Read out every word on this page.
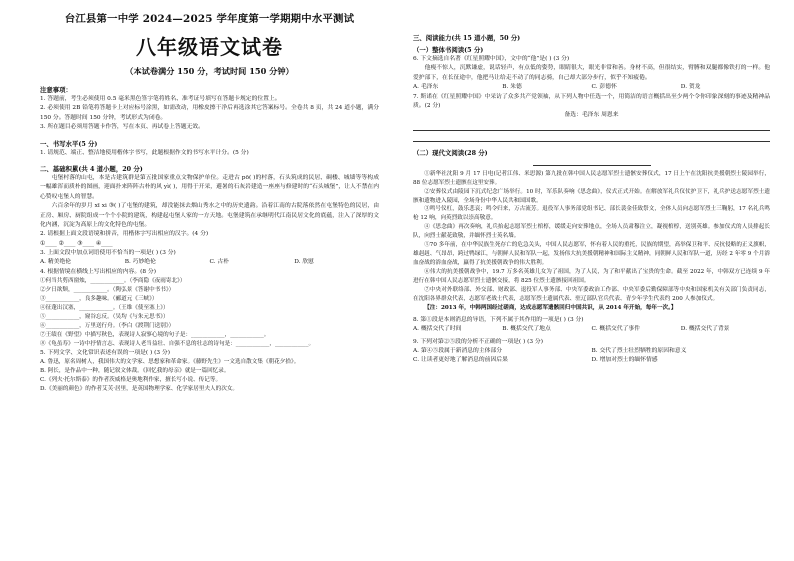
台江县第一中学 2024—2025 学年度第一学期期中水平测试
八年级语文试卷
（本试卷满分 150 分，考试时间 150 分钟）
注意事项：
1. 答题前，考生必须使用 0.5 毫米黑色签字笔将姓名、准考证号填写在答题卡规定的位置上。
2. 必须使用 2B 铅笔将答题卡上对应标号涂黑，如需改动，用橡皮擦干净后再选涂其它答案标号。全卷共 8 页，共 24 道小题，满分 150 分。答题时间 150 分钟，考试形式为闭卷。
3. 所在题目必须用答题卡作答，写在本页、再试卷上答题无效。
一、书写水平(5 分)
1. 请规范、端正、整洁地使用楷体字书写，此题根据作文的书写水平计分。(5 分)
二、基础积累(共 4 道小题，20 分)
屯堡村落的山屯，本是古建筑群是第五批国家重点文物保护单位。走进古 pō( )的村落，石头筑成的民居、碉楼、城墙等等构成一幅雄浑而质朴的图画，迎面扑来阵阵古朴的风 yì( )，用得于开采，避暑的石灰岩建造一座座与修建时的“石头城堡”，让人不禁在内心赞叹屯堡人的智慧。
六百余年的岁月 xī xi ③( )了屯堡的建筑，却没能抹去烟山秀水之中的历史遗韵。沿着江南的古院落依然在屯堡特色的民居，由正房、厢房、厨院组成一个个小院的建筑，构建起屯堡人家的一方天地。屯堡建筑在承继明代江南民居文化的底蕴，注入了深厚的文化内涵，沉淀为高原上的文化特色的屯堡。
2. 请根据上面文段语境和拼音，用楷体字写出相应的汉字。(4 分)
①____ ②____ ③____ ④____
3. 上面文段中加点词语使用不恰当的一项是( ) (3 分)
A. 精美绝伦	B. 巧妙绝伦	C. 古朴	D. 欣慰
4. 根据情境在横线上写出相应的内容。(8 分)
①何当共剪西窗烛，____________。（李商隐《夜雨寄北》）
②夕日欲颓，____________。（陶弘景《答谢中书书》）
③____________，良多趣味。（郦道元《三峡》）
④征蓬出汉塞，____________。（王维《使至塞上》）
⑤____________，窥谷忘反。（吴均《与朱元思书》）
⑥____________，万里送行舟。（李白《渡荆门送别》）
⑦王绩在《野望》中描写秋色，表现诗人寂寥心境的句子是：____________，____________。
⑧《龟虽寿》一诗中抒情言志、表现诗人老当益壮、自强不息的壮志的诗句是：____________，____________。
5. 下列文学、文化常识表述有误的一项是( ) (3 分)
A. 鲁迅，原名周树人，我国伟大的文学家、思想家和革命家。《藤野先生》一文选自散文集《朝花夕拾》。
B. 阿长，是作品中一种，随记叙文体裁。《回忆我的母亲》就是一篇回忆录。
C.《列夫·托尔斯泰》的作者茨威格是奥地利作家，擅长写小说、传记等。
D.《美丽的颜色》的作者艾芙·居里，是英国物理学家、化学家居里夫人的次女。
三、阅读能力(共 15 道小题，50 分)
（一）整体书阅读(5 分)
6. 下文摘选自名著《红星照耀中国》，文中的“他”是( ) (3 分)
他瘦不惊人，沉默谦虚，说话轻声，有点低的姿势，眼睛很大，眼光非常和善。身材不高，但很结实，臂膊和双腿都像铁打的一样。他爱护部下，在长征途中，他把马让给走不动了的同志骑，自己却大部分步行，似乎不知疲倦。
A. 毛泽东	B. 朱德	C. 彭德怀	D. 贺龙
7. 斯诺在《红星照耀中国》中采访了众多共产党领袖，从下列人物中任选一个，用简洁的语言概括出至少两个令你印象深刻的事迹及精神品质。(2 分)
备选：毛泽东 周恩来
（二）现代文阅读(28 分)
①新华社沈阳 9 月 17 日电(记者江伟、米思源) 第九批在韩中国人民志愿军烈士遗骸安葬仪式，17 日上午在沈阳抗美援朝烈士陵园举行，88 位志愿军烈士遗骸在这里安葬。
②安葬仪式由陵园下沉式纪念广场举行。10 时，军乐队奏响《思念曲》，仪式正式开始。在解放军礼兵仪仗护卫下，礼兵护送志愿军烈士遗骸和遗物进入陵园，全场身份中华人民共和国国歌。
③鸣号仪杠，鼓乐悲哀；鸣令归来，万古流芳。退役军人事务部党组书记、部长裴金佳致祭文，全体人员向志愿军烈士三鞠躬，17 名礼兵鸣枪 12 响，向英烈致以崇高敬意。
④《思念曲》再次奏响，礼兵抬起志愿军烈士棺椁，缓缓走向安葬地点，全场人员肃穆注立，凝视棺椁，送别英雄。参加仪式的人员排起长队，向烈士献花致敬，并缅怀烈士英名墙。
⑤70 多年前，在中华民族生死存亡的危急关头，中国人民志愿军，怀有着人民的重托，民族的期望，高举保卫和平、反抗侵略的正义旗帜，雄赳赳、气昂昂，跨过鸭绿江，与朝鲜人民和军队一起，发扬伟大抗美援朝精神和国际主义精神，同朝鲜人民和军队一道，历经 2 年零 9 个月浴血奋战的浴血奋战，赢得了抗美援朝战争的伟大胜利。
⑥伟大的抗美援朝战争中，19.7 万多名英雄儿女为了祖国，为了人民，为了和平献出了宝贵的生命。截至 2022 年，中韩双方已连续 9 年进行在韩中国人民志愿军烈士遗骸交接，将 825 位烈士遗骸接回祖国。
⑦中央对外联络部、外交部、财政部、退役军人事务部、中央军委政治工作部、中央军委后勤保障部等中央和国家机关有关部门负责同志，在沈阳各界群众代表，志愿军老战士代表，志愿军烈士遗属代表、驻辽部队官兵代表、青少年学生代表约 200 人参加仪式。
【注：2013 年，中韩两国经过磋商，达成志愿军遗骸回归中国共识，从 2014 年开始，每年一次。】
8. 第①段是本则消息的导语，下列不属于其作用的一项是( ) (3 分)
A. 概括交代了时间	B. 概括交代了地点	C. 概括交代了事件	D. 概括交代了背景
9. 下列对第②⑤段的分析不正确的一项是( ) (3 分)
A. 第④⑤段属于新消息的主体部分	B. 交代了烈士壮烈牺牲的原因和意义
C. 让读者更好地了解消息的前因后果	D. 增加对烈士的缅怀情感
